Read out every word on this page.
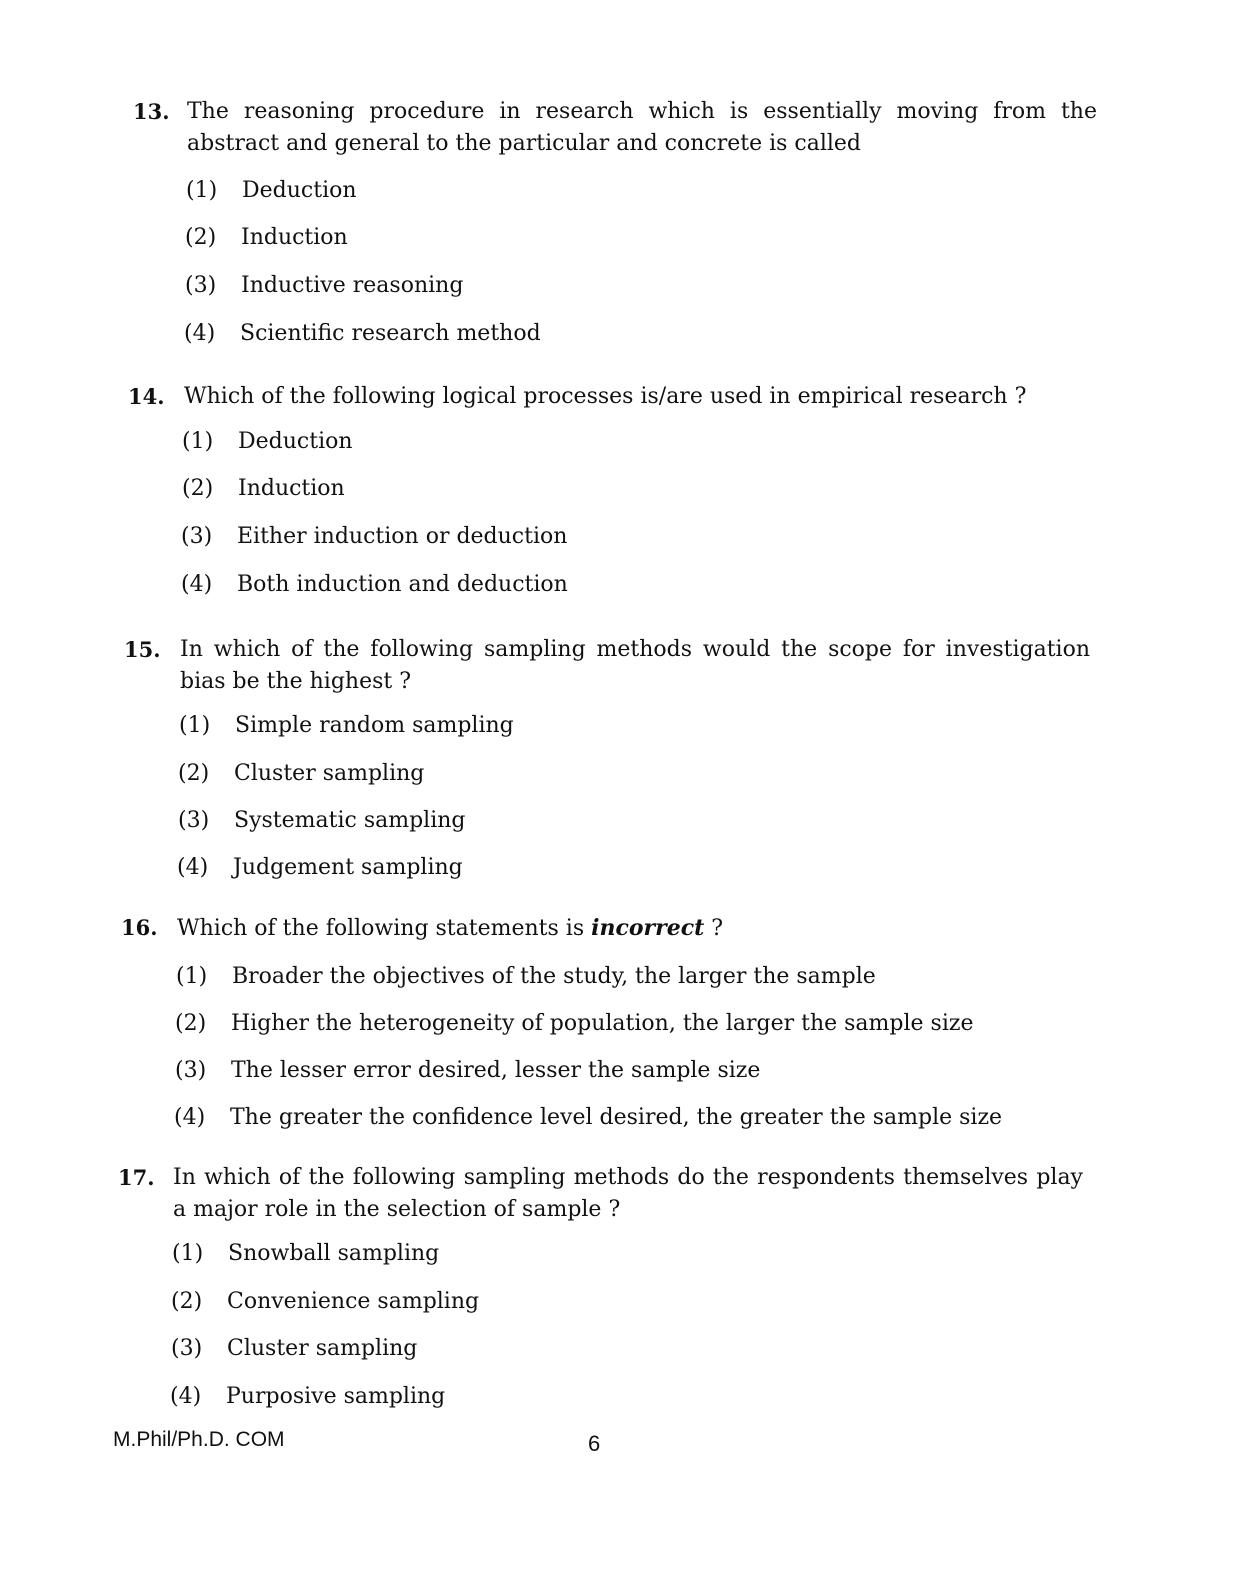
13. The reasoning procedure in research which is essentially moving from the abstract and general to the particular and concrete is called
(1) Deduction
(2) Induction
(3) Inductive reasoning
(4) Scientific research method
14. Which of the following logical processes is/are used in empirical research ?
(1) Deduction
(2) Induction
(3) Either induction or deduction
(4) Both induction and deduction
15. In which of the following sampling methods would the scope for investigation bias be the highest ?
(1) Simple random sampling
(2) Cluster sampling
(3) Systematic sampling
(4) Judgement sampling
16. Which of the following statements is incorrect ?
(1) Broader the objectives of the study, the larger the sample
(2) Higher the heterogeneity of population, the larger the sample size
(3) The lesser error desired, lesser the sample size
(4) The greater the confidence level desired, the greater the sample size
17. In which of the following sampling methods do the respondents themselves play a major role in the selection of sample ?
(1) Snowball sampling
(2) Convenience sampling
(3) Cluster sampling
(4) Purposive sampling
M.Phil/Ph.D. COM	6
